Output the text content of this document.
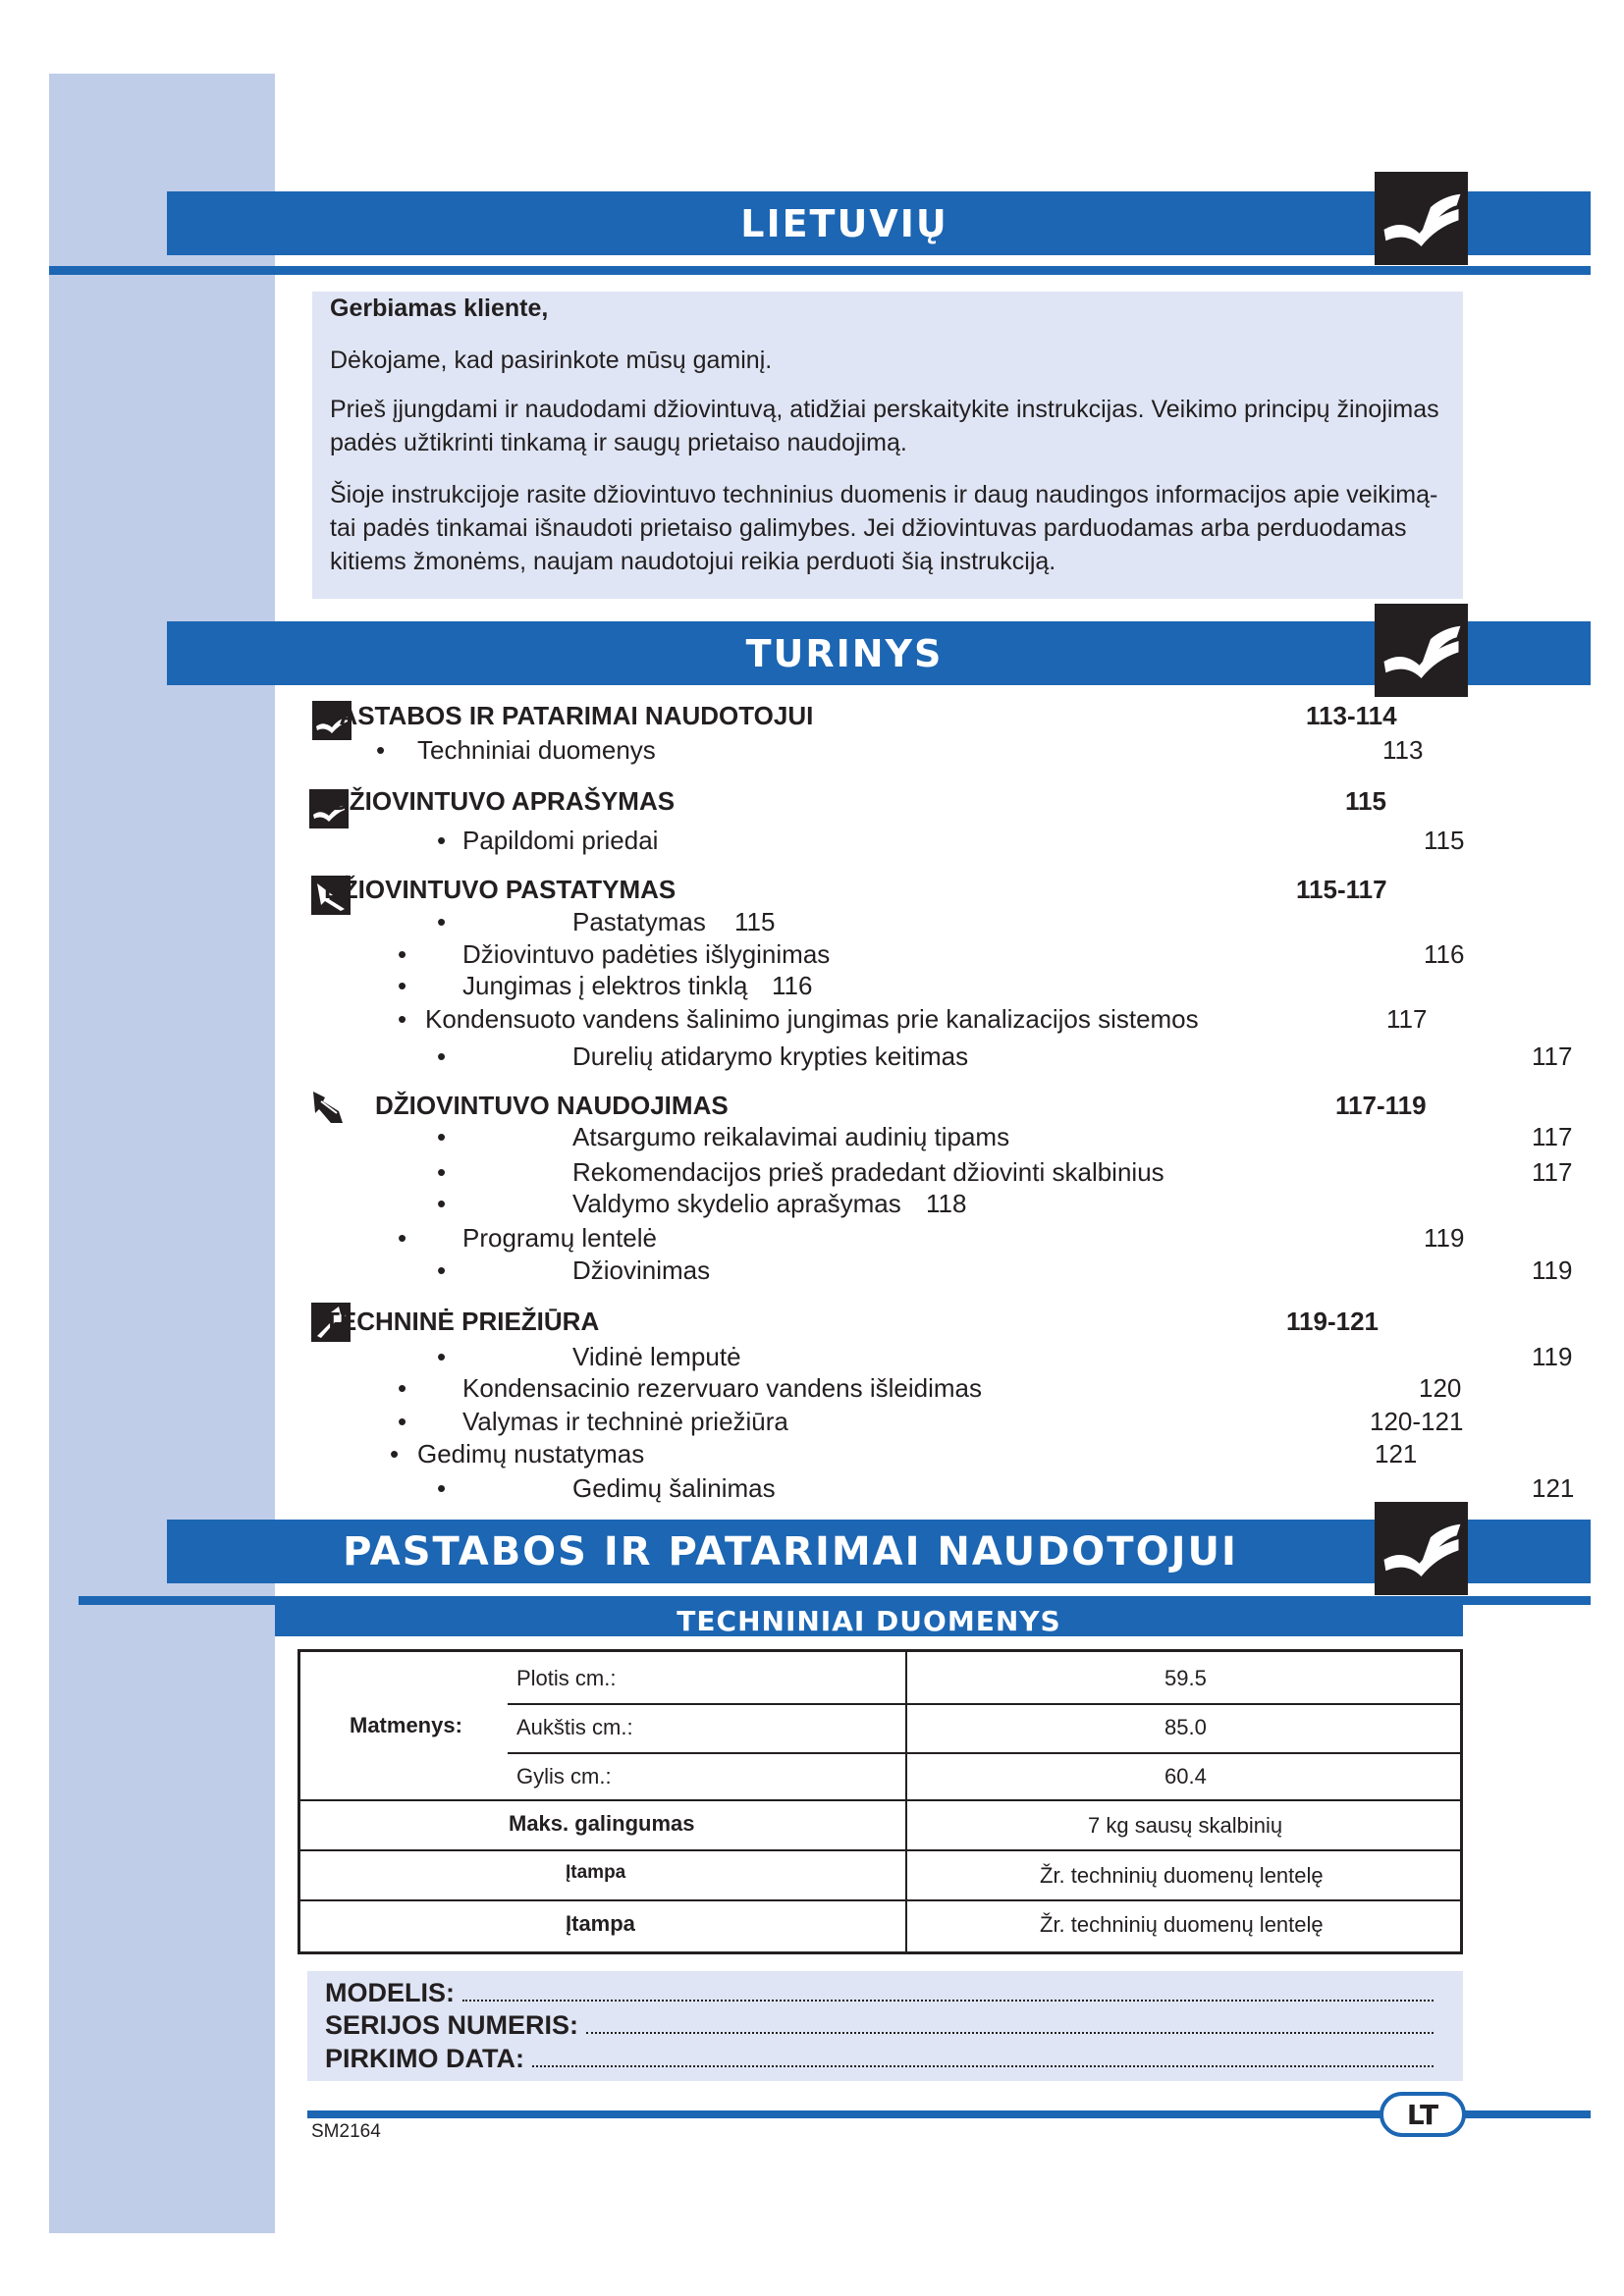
LIETUVIŲ	113

Gerbiamas kliente,

Dėkojame, kad pasirinkote mūsų gaminį.

Prieš įjungdami ir naudodami džiovintuvą, atidžiai perskaitykite instrukcijas. Veikimo principų žinojimas padės užtikrinti tinkamą ir saugų prietaiso naudojimą.

Šioje instrukcijoje rasite džiovintuvo techninius duomenis ir daug naudingos informacijos apie veikimą- tai padės tinkamai išnaudoti prietaiso galimybes. Jei džiovintuvas parduodamas arba perduodamas kitiems žmonėms, naujam naudotojui reikia perduoti šią instrukciją.

TURINYS
PASTABOS IR PATARIMAI NAUDOTOJUI	113-114
• Techniniai duomenys	113
DŽIOVINTUVO APRAŠYMAS	115
• Papildomi priedai	115
DŽIOVINTUVO PASTATYMAS	115-117
•	Pastatymas 115
• Džiovintuvo padėties išlyginimas	116
• Jungimas į elektros tinklą 116
• Kondensuoto vandens šalinimo jungimas prie kanalizacijos sistemos	117
•	Durelių atidarymo krypties keitimas	117
DŽIOVINTUVO NAUDOJIMAS	117-119
•	Atsargumo reikalavimai audinių tipams	117
•	Rekomendacijos prieš pradedant džiovinti skalbinius	117
•	Valdymo skydelio aprašymas 118
• Programų lentelė	119
•	Džiovinimas	119
TECHNINĖ PRIEŽIŪRA	119-121
•	Vidinė lemputė	119
• Kondensacinio rezervuaro vandens išleidimas	120
• Valymas ir techninė priežiūra	120-121
• Gedimų nustatymas	121
•	Gedimų šalinimas	121
PASTABOS IR PATARIMAI NAUDOTOJUI
TECHNINIAI DUOMENYS
Matmenys:
Plotis cm.:	59.5
Aukštis cm.:	85.0
Gylis cm.:	60.4
Maks. galingumas	7 kg sausų skalbinių
Įtampa	Žr. techninių duomenų lentelę
Įtampa	Žr. techninių duomenų lentelę
MODELIS:
SERIJOS NUMERIS:
PIRKIMO DATA:
LT
SM2164
